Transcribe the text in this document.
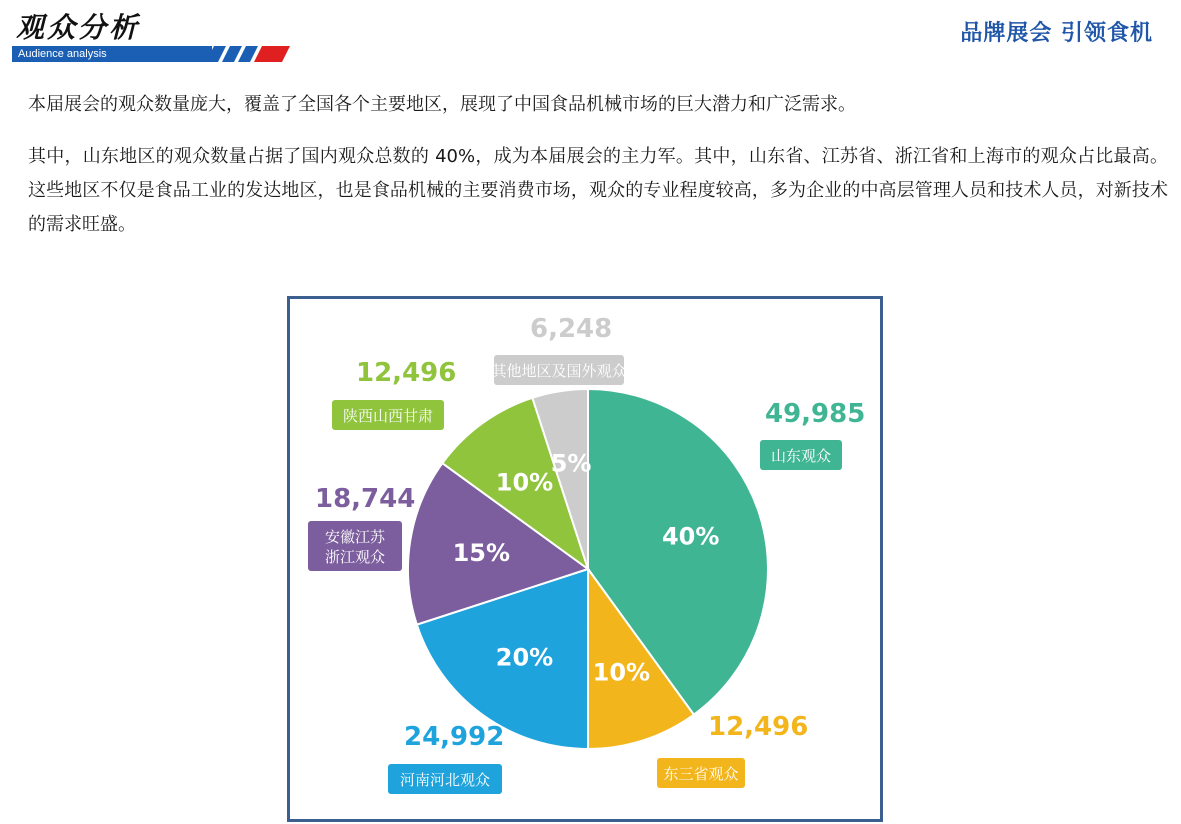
观众分析
Audience analysis
品牌展会 引领食机

本届展会的观众数量庞大，覆盖了全国各个主要地区，展现了中国食品机械市场的巨大潜力和广泛需求。

其中，山东地区的观众数量占据了国内观众总数的 40%，成为本届展会的主力军。其中，山东省、江苏省、浙江省和上海市的观众占比最高。这些地区不仅是食品工业的发达地区，也是食品机械的主要消费市场，观众的专业程度较高，多为企业的中高层管理人员和技术人员，对新技术的需求旺盛。

40%
49,985
山东观众
10%
12,496
东三省观众
20%
24,992
河南河北观众
15%
18,744
安徽江苏浙江观众
10%
12,496
陕西山西甘肃
5%
6,248
其他地区及国外观众
